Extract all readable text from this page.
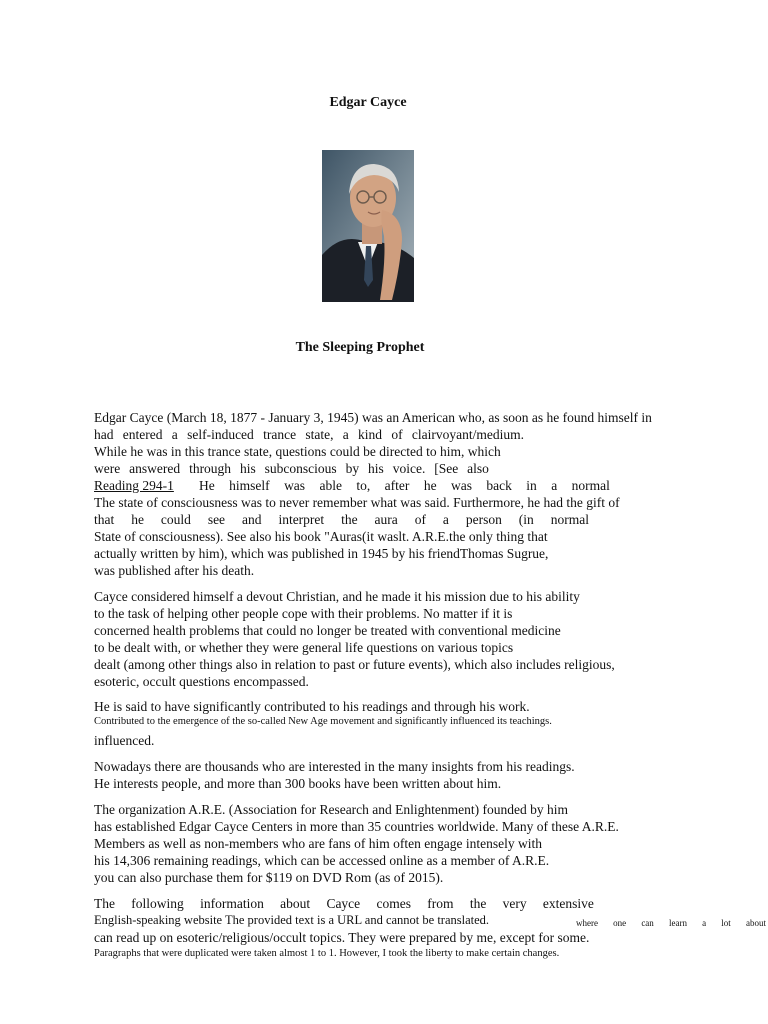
Edgar Cayce
The Sleeping Prophet
Edgar Cayce (March 18, 1877 - January 3, 1945) was an American who, as soon as he found himself in
had entered a self-induced trance state, a kind of clairvoyant/medium.
While he was in this trance state, questions could be directed to him, which
were answered through his subconscious by his voice. [See also
Reading 294-1 He himself was able to, after he was back in a normal
The state of consciousness was to never remember what was said. Furthermore, he had the gift of
that he could see and interpret the aura of a person (in normal
State of consciousness). See also his book "Auras(it waslt. A.R.E.the only thing that
actually written by him), which was published in 1945 by his friendThomas Sugrue,
was published after his death.
Cayce considered himself a devout Christian, and he made it his mission due to his ability
to the task of helping other people cope with their problems. No matter if it is
concerned health problems that could no longer be treated with conventional medicine
to be dealt with, or whether they were general life questions on various topics
dealt (among other things also in relation to past or future events), which also includes religious,
esoteric, occult questions encompassed.
He is said to have significantly contributed to his readings and through his work.
Contributed to the emergence of the so-called New Age movement and significantly influenced its teachings.
influenced.
Nowadays there are thousands who are interested in the many insights from his readings.
He interests people, and more than 300 books have been written about him.
The organization A.R.E. (Association for Research and Enlightenment) founded by him
has established Edgar Cayce Centers in more than 35 countries worldwide. Many of these A.R.E.
Members as well as non-members who are fans of him often engage intensely with
his 14,306 remaining readings, which can be accessed online as a member of A.R.E.
you can also purchase them for $119 on DVD Rom (as of 2015).
The following information about Cayce comes from the very extensive
English-speaking website The provided text is a URL and cannot be translated.	where one can learn a lot about
can read up on esoteric/religious/occult topics. They were prepared by me, except for some.
Paragraphs that were duplicated were taken almost 1 to 1. However, I took the liberty to make certain changes.
